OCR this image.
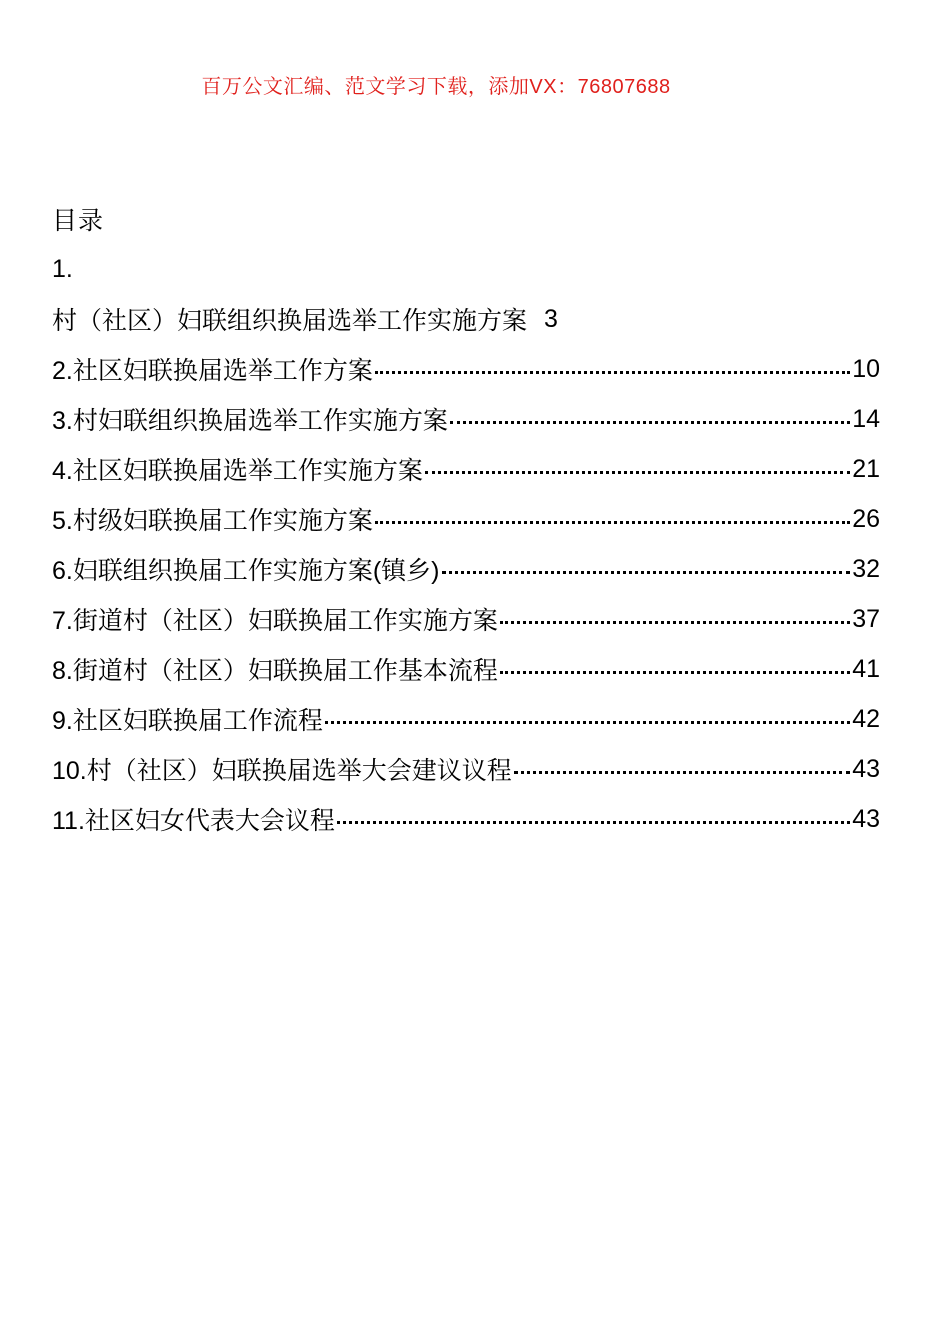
百万公文汇编、范文学习下载，添加VX：76807688
目录
1.
村（社区）妇联组织换届选举工作实施方案 3
2.社区妇联换届选举工作方案	10
3.村妇联组织换届选举工作实施方案	14
4.社区妇联换届选举工作实施方案	21
5.村级妇联换届工作实施方案	26
6.妇联组织换届工作实施方案(镇乡)	32
7.街道村（社区）妇联换届工作实施方案	37
8.街道村（社区）妇联换届工作基本流程	41
9.社区妇联换届工作流程	42
10.村（社区）妇联换届选举大会建议议程	43
11.社区妇女代表大会议程	43
